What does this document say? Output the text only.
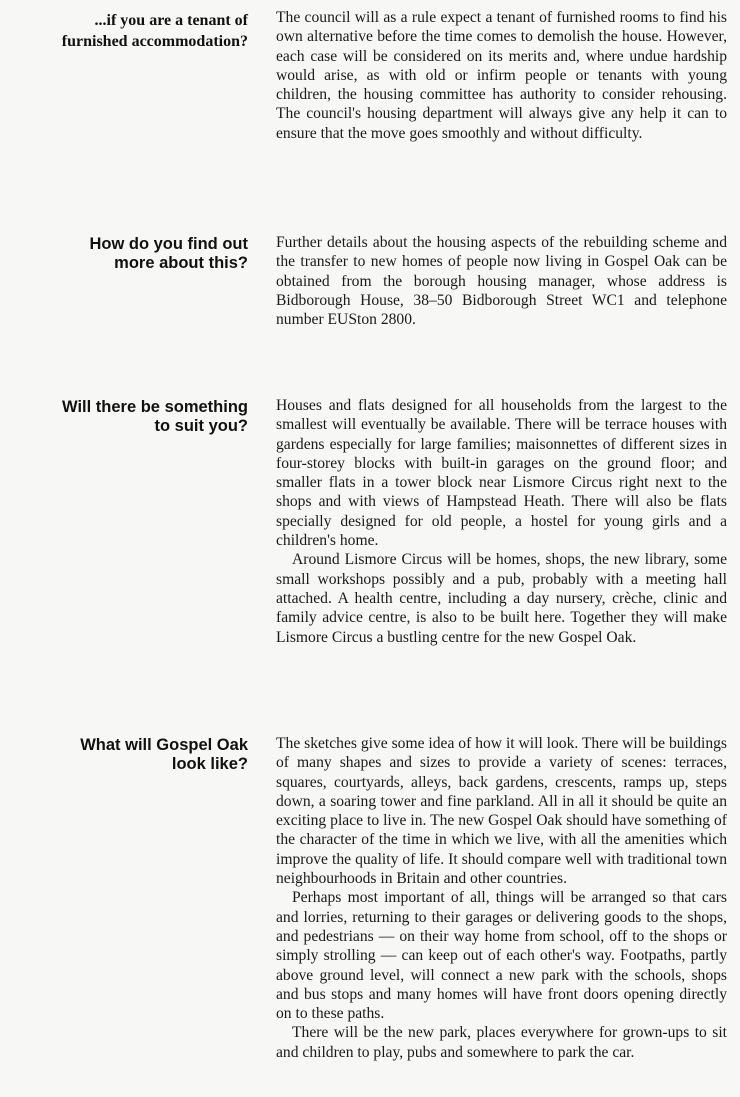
...if you are a tenant of
furnished accommodation?

The council will as a rule expect a tenant of furnished rooms to find his own alternative before the time comes to demolish the house. However, each case will be considered on its merits and, where undue hardship would arise, as with old or infirm people or tenants with young children, the housing committee has authority to consider rehousing. The council's housing department will always give any help it can to ensure that the move goes smoothly and without difficulty.

How do you find out
more about this?

Further details about the housing aspects of the rebuilding scheme and the transfer to new homes of people now living in Gospel Oak can be obtained from the borough housing manager, whose address is Bidborough House, 38–50 Bidborough Street WC1 and telephone number EUSton 2800.

Will there be something
to suit you?

Houses and flats designed for all households from the largest to the smallest will eventually be available. There will be terrace houses with gardens especially for large families; maisonnettes of different sizes in four-storey blocks with built-in garages on the ground floor; and smaller flats in a tower block near Lismore Circus right next to the shops and with views of Hampstead Heath. There will also be flats specially designed for old people, a hostel for young girls and a children's home.

Around Lismore Circus will be homes, shops, the new library, some small workshops possibly and a pub, probably with a meeting hall attached. A health centre, including a day nursery, crèche, clinic and family advice centre, is also to be built here. Together they will make Lismore Circus a bustling centre for the new Gospel Oak.

What will Gospel Oak
look like?

The sketches give some idea of how it will look. There will be buildings of many shapes and sizes to provide a variety of scenes: terraces, squares, courtyards, alleys, back gardens, crescents, ramps up, steps down, a soaring tower and fine parkland. All in all it should be quite an exciting place to live in. The new Gospel Oak should have something of the character of the time in which we live, with all the amenities which improve the quality of life. It should compare well with traditional town neighbourhoods in Britain and other countries.

Perhaps most important of all, things will be arranged so that cars and lorries, returning to their garages or delivering goods to the shops, and pedestrians — on their way home from school, off to the shops or simply strolling — can keep out of each other's way. Footpaths, partly above ground level, will connect a new park with the schools, shops and bus stops and many homes will have front doors opening directly on to these paths.

There will be the new park, places everywhere for grown-ups to sit and children to play, pubs and somewhere to park the car.
